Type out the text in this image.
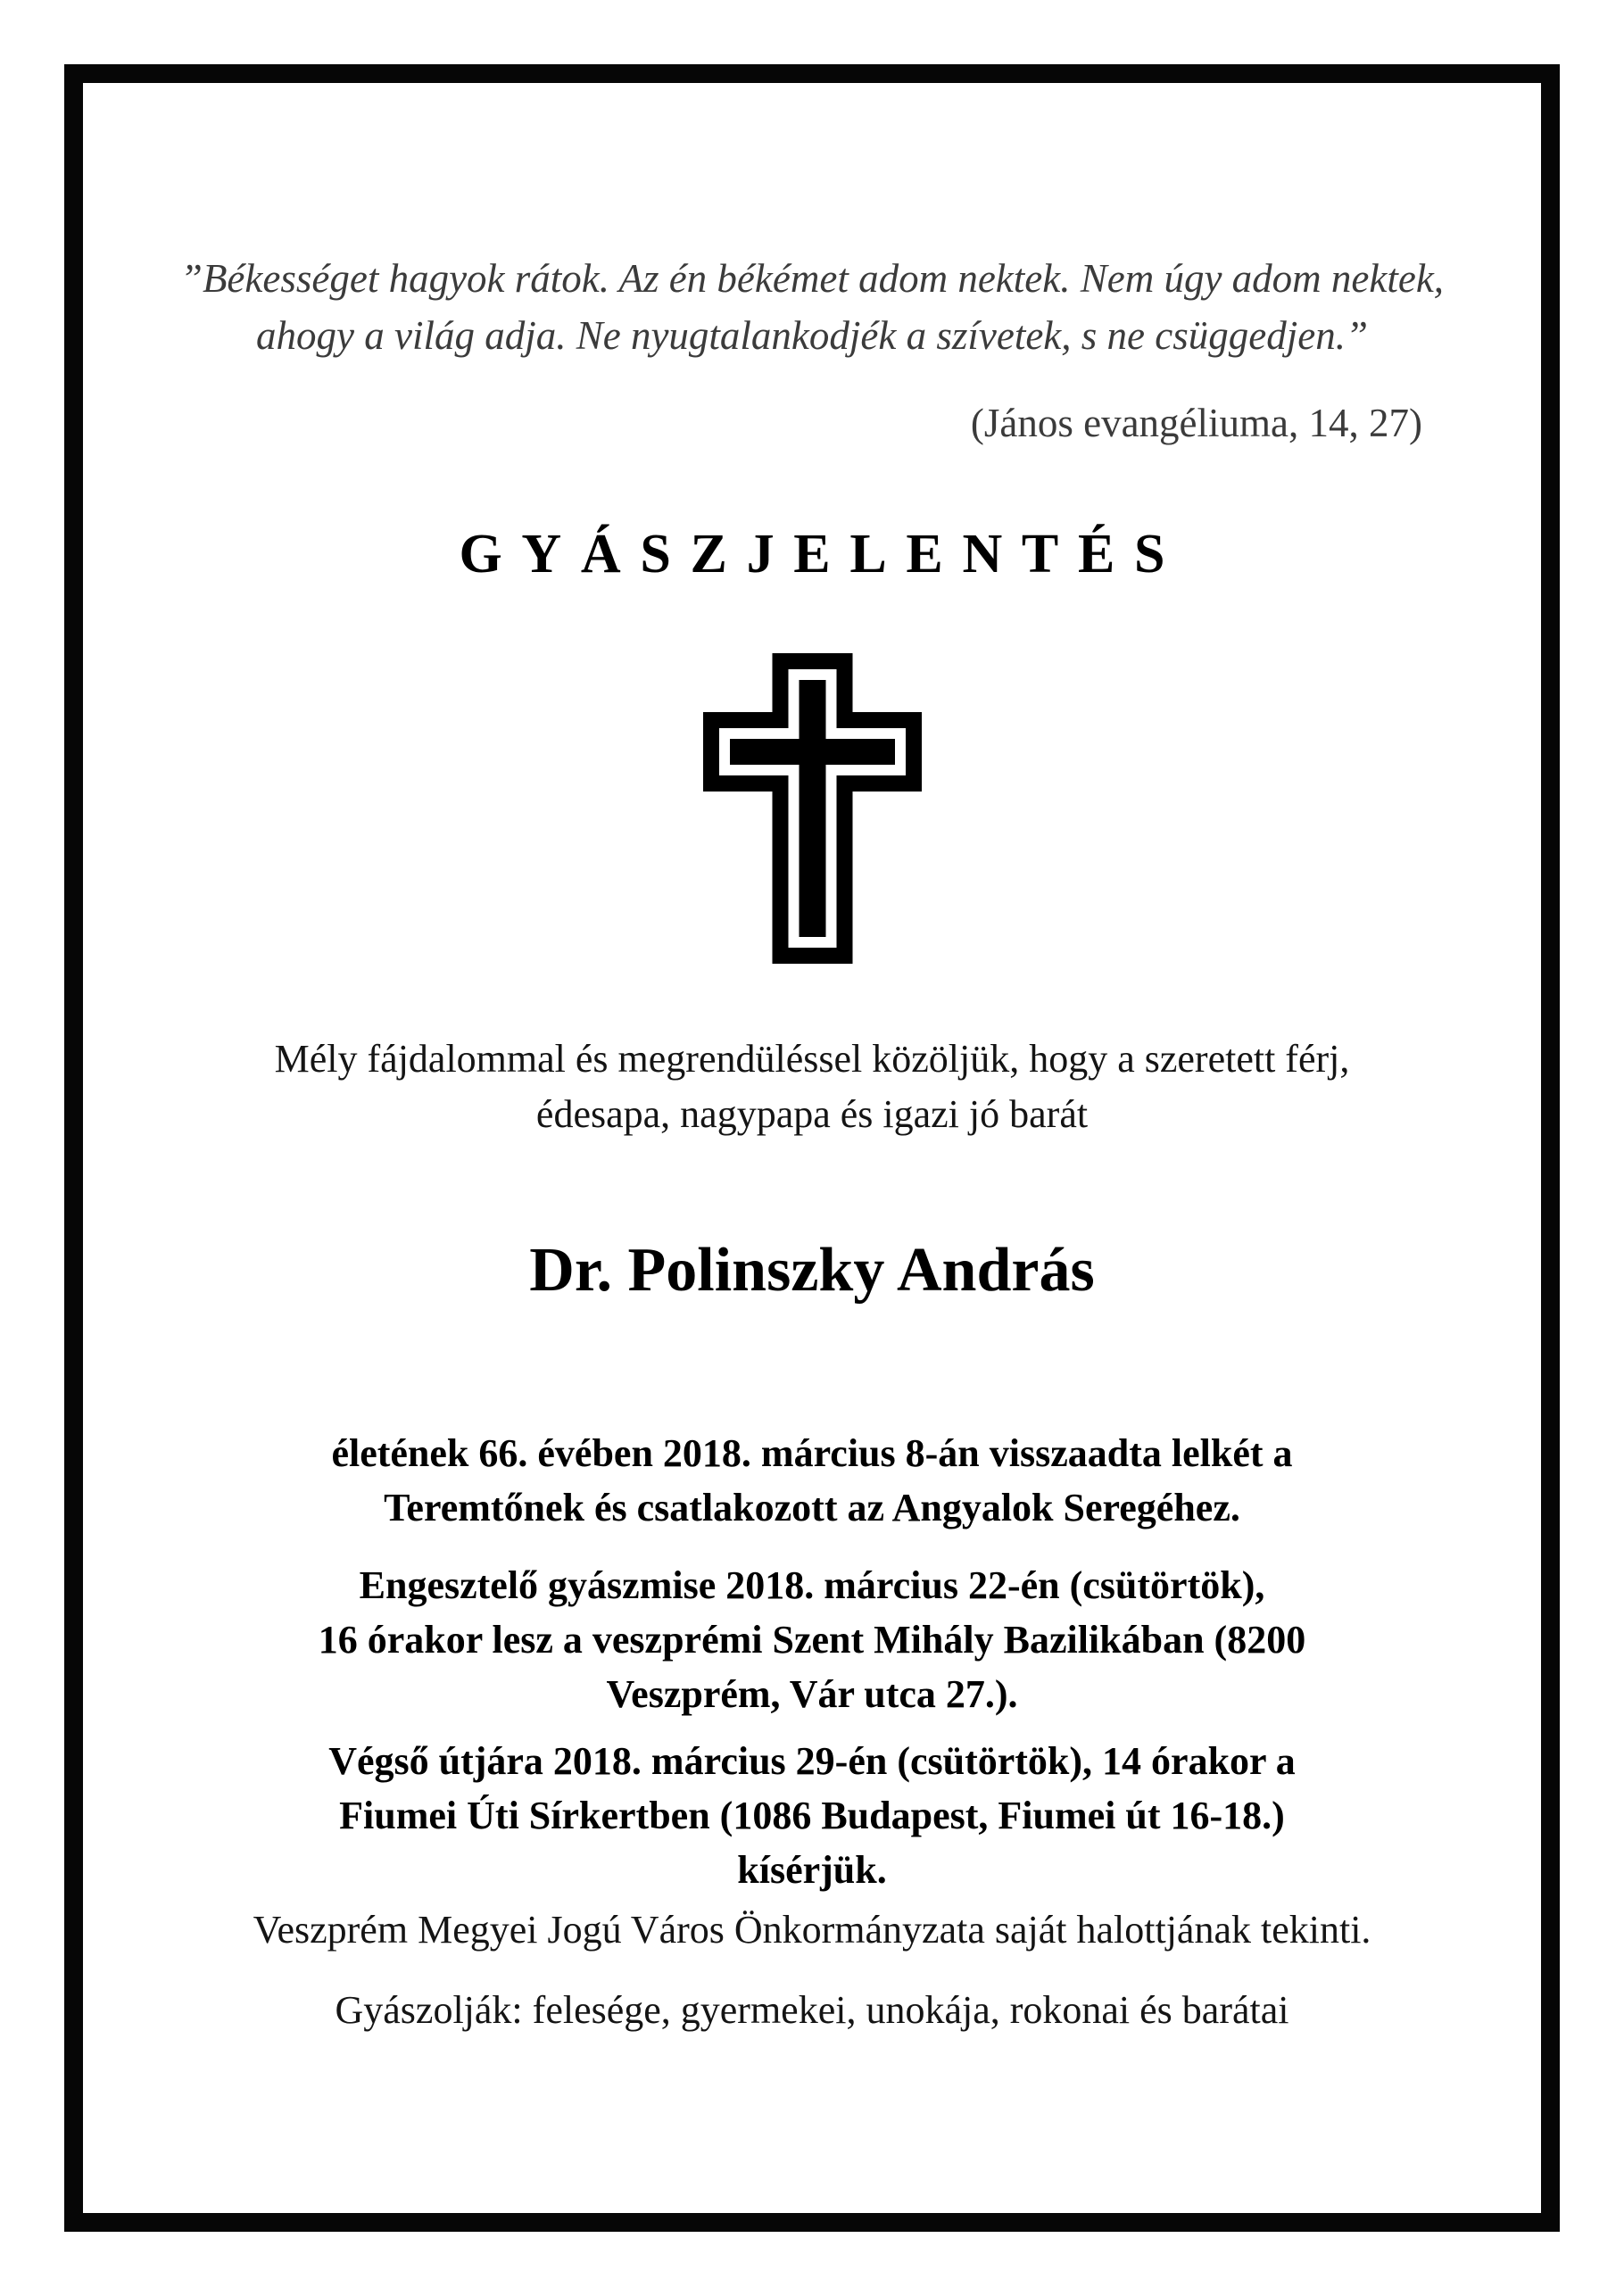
”Békességet hagyok rátok. Az én békémet adom nektek. Nem úgy adom nektek,
ahogy a világ adja. Ne nyugtalankodjék a szívetek, s ne csüggedjen.”
(János evangéliuma, 14, 27)
GYÁSZJELENTÉS
Mély fájdalommal és megrendüléssel közöljük, hogy a szeretett férj,
édesapa, nagypapa és igazi jó barát
Dr. Polinszky András
életének 66. évében 2018. március 8-án visszaadta lelkét a
Teremtőnek és csatlakozott az Angyalok Seregéhez.
Engesztelő gyászmise 2018. március 22-én (csütörtök),
16 órakor lesz a veszprémi Szent Mihály Bazilikában (8200
Veszprém, Vár utca 27.).
Végső útjára 2018. március 29-én (csütörtök), 14 órakor a
Fiumei Úti Sírkertben (1086 Budapest, Fiumei út 16-18.)
kísérjük.
Veszprém Megyei Jogú Város Önkormányzata saját halottjának tekinti.
Gyászolják: felesége, gyermekei, unokája, rokonai és barátai
